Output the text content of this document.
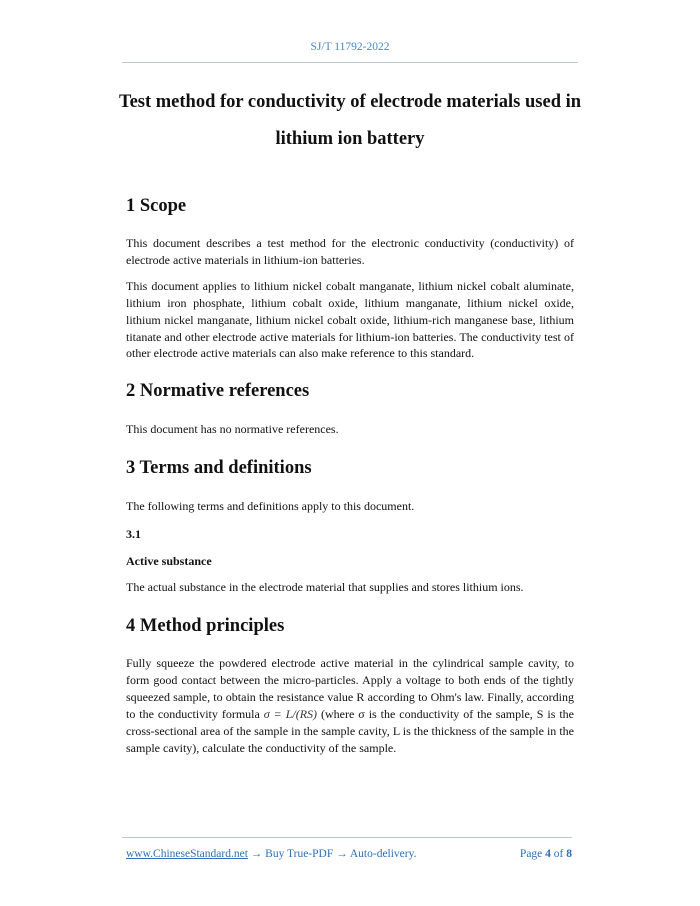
SJ/T 11792-2022
Test method for conductivity of electrode materials used in
lithium ion battery
1 Scope

This document describes a test method for the electronic conductivity (conductivity) of electrode active materials in lithium-ion batteries.

This document applies to lithium nickel cobalt manganate, lithium nickel cobalt aluminate, lithium iron phosphate, lithium cobalt oxide, lithium manganate, lithium nickel oxide, lithium nickel manganate, lithium nickel cobalt oxide, lithium-rich manganese base, lithium titanate and other electrode active materials for lithium-ion batteries. The conductivity test of other electrode active materials can also make reference to this standard.

2 Normative references

This document has no normative references.

3 Terms and definitions

The following terms and definitions apply to this document.

3.1
Active substance

The actual substance in the electrode material that supplies and stores lithium ions.

4 Method principles

Fully squeeze the powdered electrode active material in the cylindrical sample cavity, to form good contact between the micro-particles. Apply a voltage to both ends of the tightly squeezed sample, to obtain the resistance value R according to Ohm's law. Finally, according to the conductivity formula σ = L/(RS) (where σ is the conductivity of the sample, S is the cross-sectional area of the sample in the sample cavity, L is the thickness of the sample in the sample cavity), calculate the conductivity of the sample.

www.ChineseStandard.net → Buy True-PDF → Auto-delivery.	Page 4 of 8
